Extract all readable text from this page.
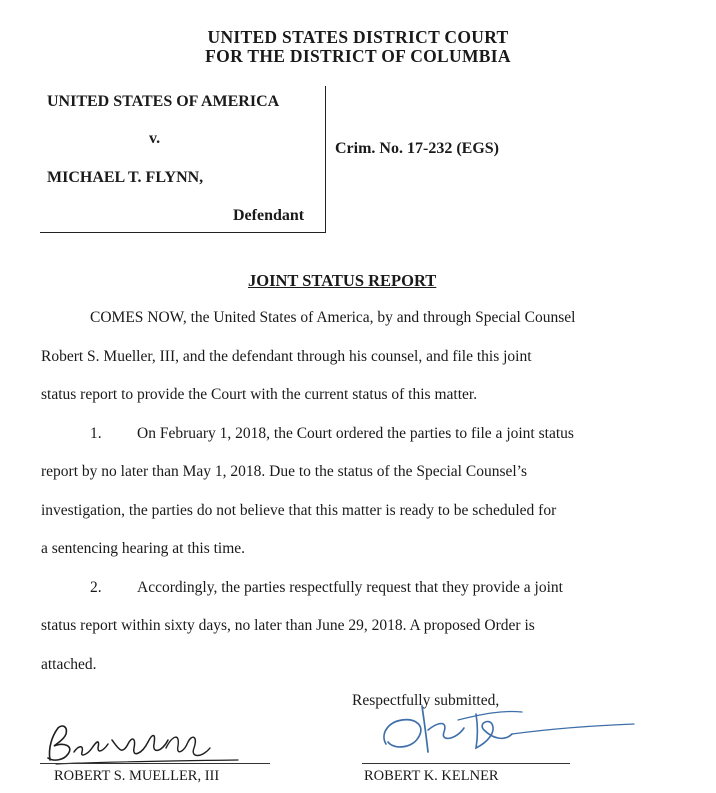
UNITED STATES DISTRICT COURT
FOR THE DISTRICT OF COLUMBIA
UNITED STATES OF AMERICA
v.
MICHAEL T. FLYNN,
Defendant
Crim. No. 17-232 (EGS)
JOINT STATUS REPORT
COMES NOW, the United States of America, by and through Special Counsel
Robert S. Mueller, III, and the defendant through his counsel, and file this joint
status report to provide the Court with the current status of this matter.
1. On February 1, 2018, the Court ordered the parties to file a joint status
report by no later than May 1, 2018. Due to the status of the Special Counsel’s
investigation, the parties do not believe that this matter is ready to be scheduled for
a sentencing hearing at this time.
2. Accordingly, the parties respectfully request that they provide a joint
status report within sixty days, no later than June 29, 2018. A proposed Order is
attached.
Respectfully submitted,
ROBERT S. MUELLER, III	ROBERT K. KELNER
